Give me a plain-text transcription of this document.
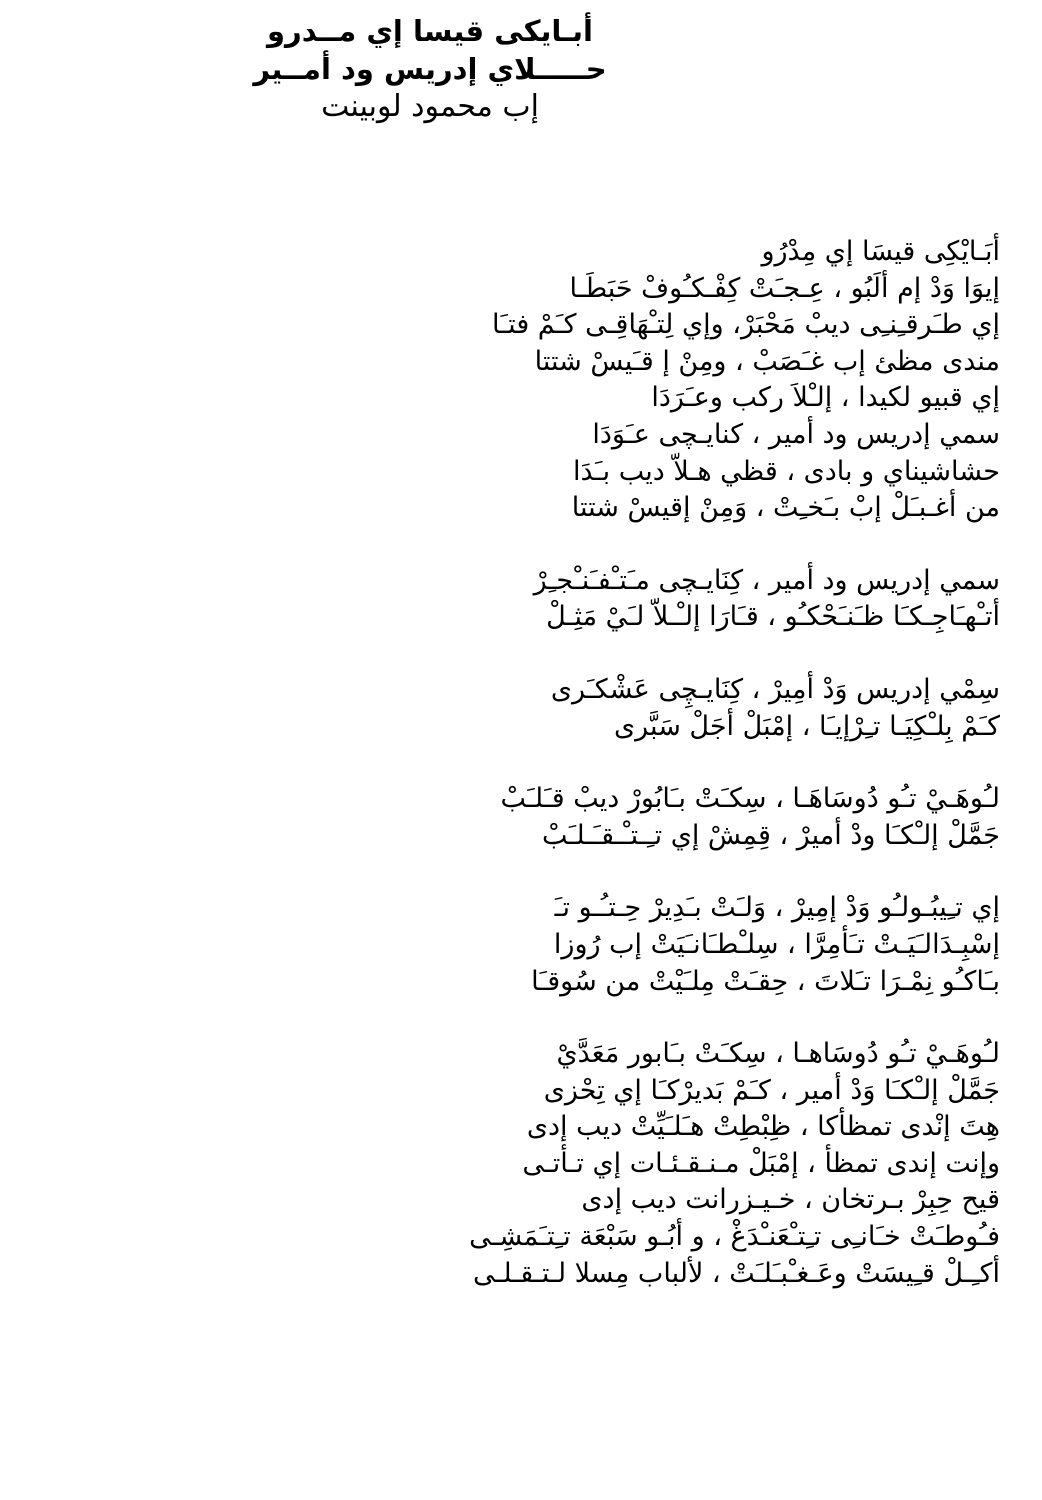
أبـايكى قيسا إي مــدرو
حـــــلاي إدريس ود أمــير
إب محمود لوبينت
أبَـايْكِى قيسَا إي مِدْرُو
إيوَا وَدْ إم ألَبُو ، عِـجـَتْ كِفْـكـُوفْ حَبَطَـا
إي طـَرقـِنـِى ديبْ مَحْبَرْ، وإي لِتـْهَاقِـى كـَمْ فتـَا
مندى مظئ إب غـَصَبْ ، ومِنْ إ قـَيسْ شتتا
إي قبيو لكيدا ، إلـْلاَ ركب وعـَرَدَا
سمي إدريس ود أمير ، كنايـچى عـَوَدَا
حشاشيناي و بادى ، قظي هـلاّ ديب بـَدَا
من أغـبـَلْ إبْ بـَخـِتْ ، وَمِنْ إقيسْ شتتا
سمي إدريس ود أمير ، كِنَايـچى مـَتـْفـَنـْجـِرْ
أتـْهـَاجِـكـَا ظـَنـَحْكـُو ، قـَارَا إلـْـلاّ لـَيْ مَثِـلْ
سِمْي إدريس وَدْ أمِيرْ ، كِنَايـچِى عَشْكـَرى
كـَمْ بِلـْكِيَـا تـِرْإيـَا ، إمْبَلْ أجَلْ سَبَّرى
لـُوهَـيْ تـُو دُوسَاهَـا ، سِكـَتْ بـَابُورْ ديبْ قـَلـَبْ
جَمَّلْ إلـْكـَا ودْ أميرْ ، قِمِشْ إي تـِـتـْـقـَـلـَبْ
إي تـِيبُـولـُو وَدْ إمِيرْ ، وَلـَتْ بـَدِيرْ حِـتـُـو تـَ
إسْبِـدَالـَيَـتْ تـَأمِرَّا ، سِلـْطـَانـَيَتْ إب رُوزا
بـَاكـُو نِمْـرَا تـَلاتَ ، حِقـَتْ مِلـَيْتْ من سُوقـَا
لـُوهَـيْ تـُو دُوسَاهـا ، سِكـَتْ بـَابور مَعَدَّيْ
جَمَّلْ إلـْكـَا وَدْ أمير ، كـَمْ بَديرْكـَا إي تِحْزى
هِتَ إنْدى تمظأكا ، ظِبْطِتْ هـَلـَيِّتْ ديب إدى
وإنت إندى تمظأ ، إمْبَلْ مـنـقـئـات إي تـأتـى
قيح حِبِرْ بـرتخان ، خـيـزرانت ديب إدى
فـُوطـَتْ خـَانـِى تـِتـْعَنـْدَغْ ، و أبُـو سَبْعَة تـِتـَمَشِـى
أكـِـلْ قـِيسَتْ وعَـغـْبـَلـَتْ ، لألباب مِسلا لـتـقـلـى
